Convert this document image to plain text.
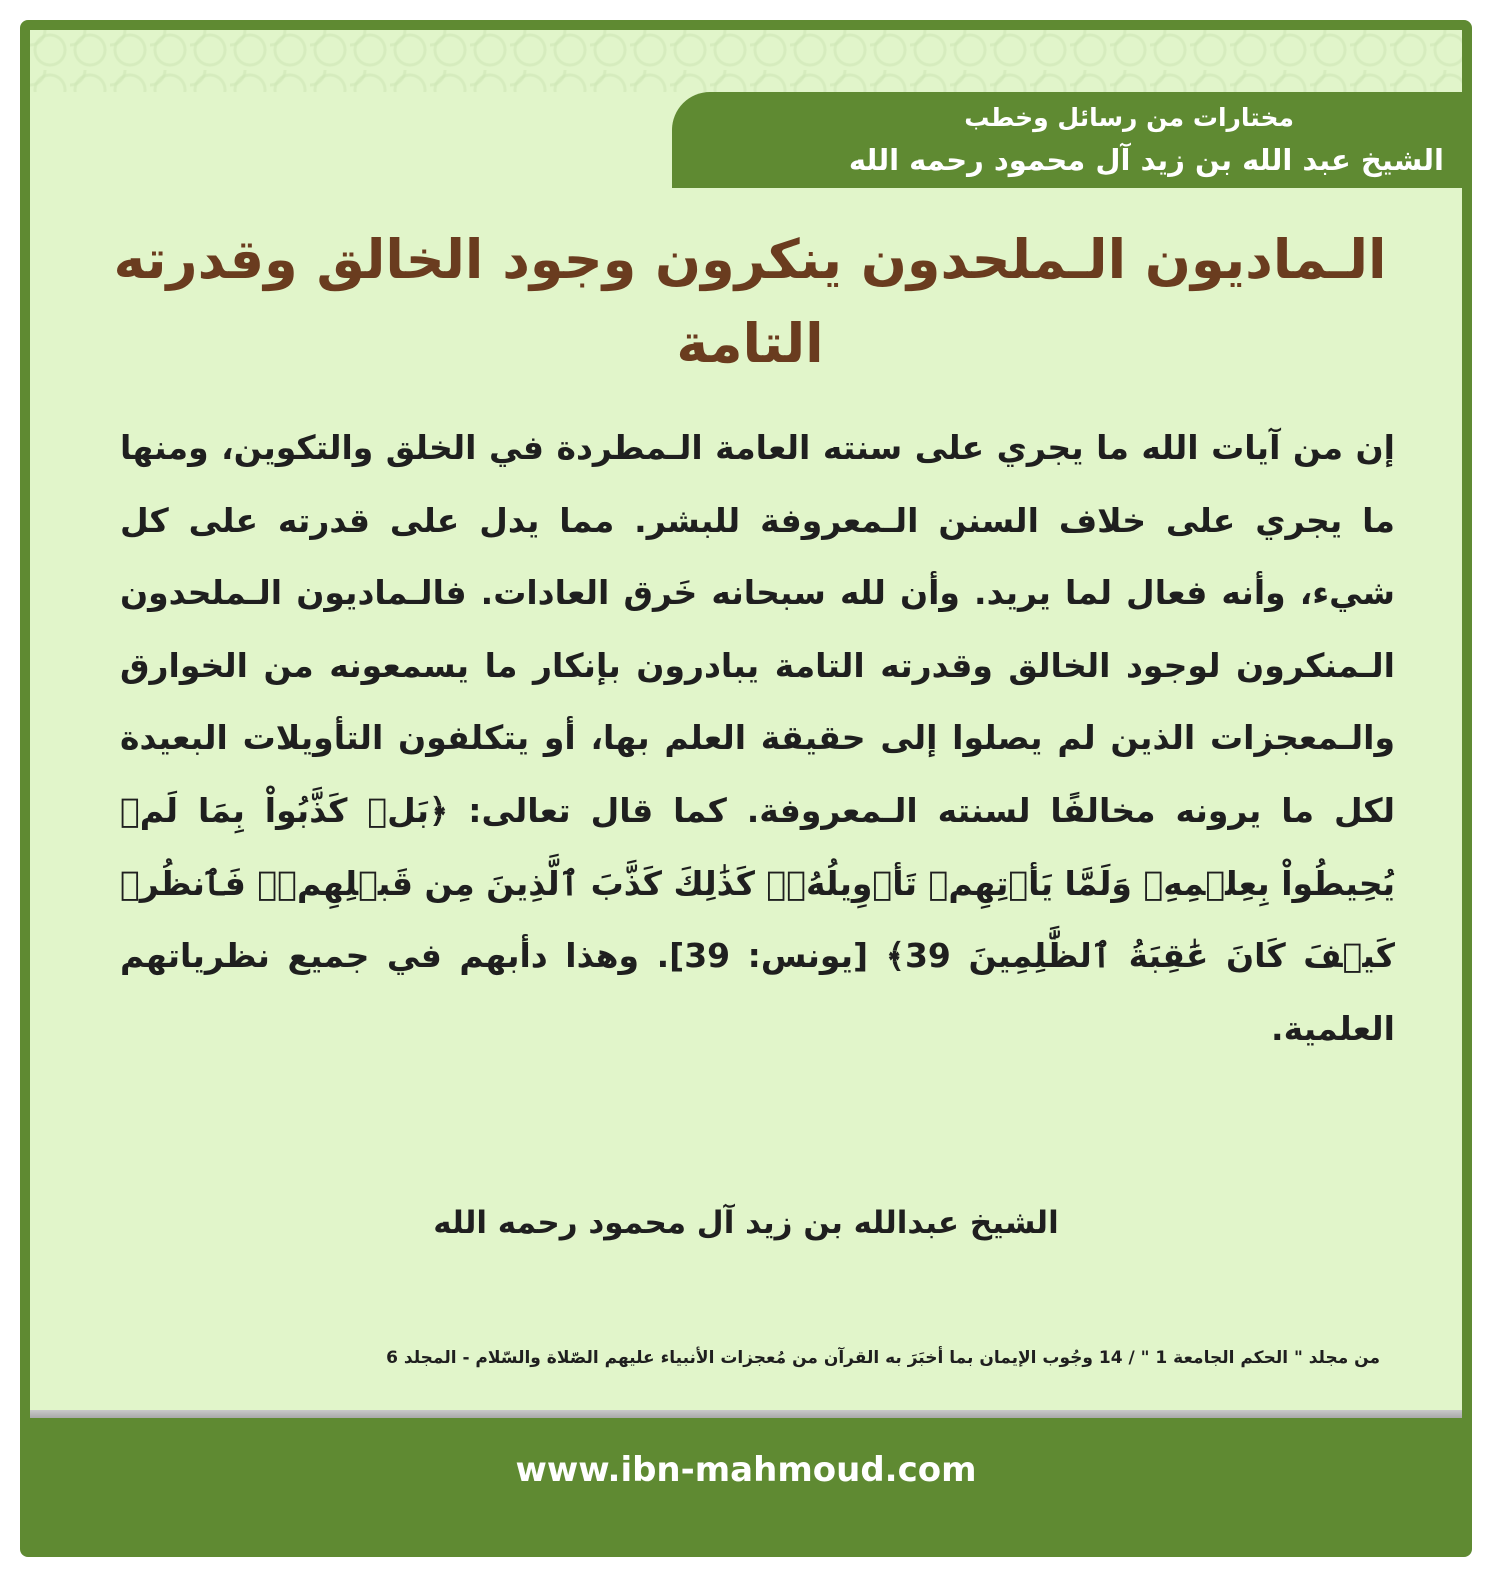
مختارات من رسائل وخطب
الشيخ عبد الله بن زيد آل محمود رحمه الله
الـماديون الـملحدون ينكرون وجود الخالق وقدرته التامة
إن من آيات الله ما يجري على سنته العامة الـمطردة في الخلق والتكوين، ومنها ما يجري على خلاف السنن الـمعروفة للبشر. مما يدل على قدرته على كل شيء، وأنه فعال لما يريد. وأن لله سبحانه خَرق العادات. فالـماديون الـملحدون الـمنكرون لوجود الخالق وقدرته التامة يبادرون بإنكار ما يسمعونه من الخوارق والـمعجزات الذين لم يصلوا إلى حقيقة العلم بها، أو يتكلفون التأويلات البعيدة لكل ما يرونه مخالفًا لسنته الـمعروفة. كما قال تعالى: ﴿بَلۡ كَذَّبُواْ بِمَا لَمۡ يُحِيطُواْ بِعِلۡمِهِۦ وَلَمَّا يَأۡتِهِمۡ تَأۡوِيلُهُۥۚ كَذَٰلِكَ كَذَّبَ ٱلَّذِينَ مِن قَبۡلِهِمۡۖ فَٱنظُرۡ كَيۡفَ كَانَ عَٰقِبَةُ ٱلظَّٰلِمِينَ 39﴾ [يونس: 39]. وهذا دأبهم في جميع نظرياتهم العلمية.
الشيخ عبدالله بن زيد آل محمود رحمه الله
من مجلد " الحكم الجامعة 1 " / 14 وجُوب الإيمان بما أخبَرَ به القرآن من مُعجزات الأنبياء عليهم الصّلاة والسّلام - المجلد 6
www.ibn-mahmoud.com
